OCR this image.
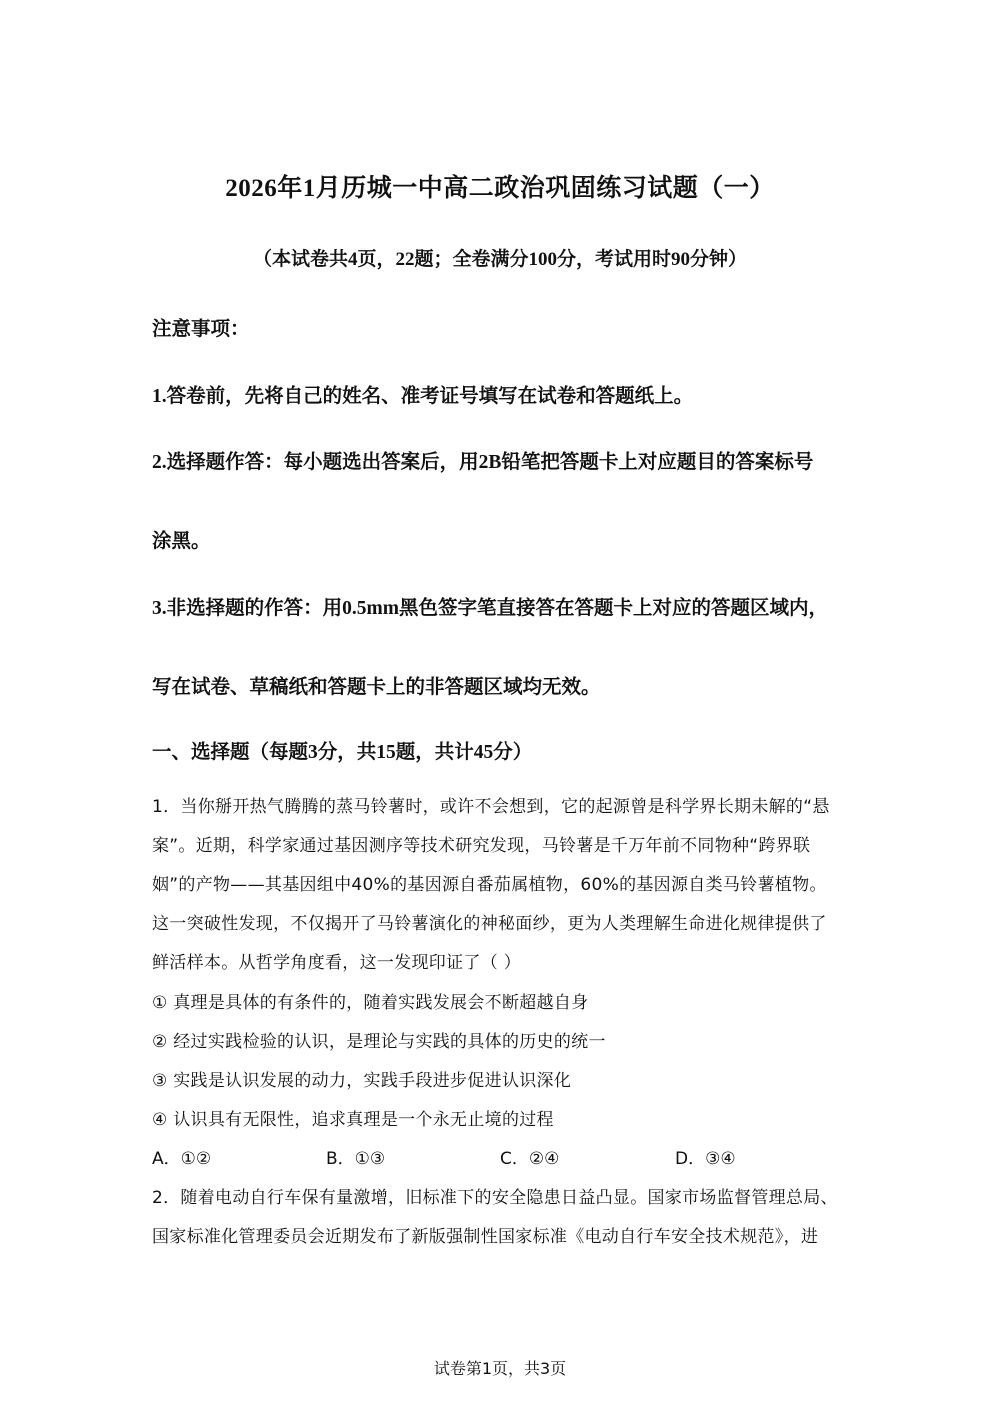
2026年1月历城一中高二政治巩固练习试题（一）
（本试卷共4页，22题；全卷满分100分，考试用时90分钟）
注意事项：
1.答卷前，先将自己的姓名、准考证号填写在试卷和答题纸上。
2.选择题作答：每小题选出答案后，用2B铅笔把答题卡上对应题目的答案标号
涂黑。
3.非选择题的作答：用0.5mm黑色签字笔直接答在答题卡上对应的答题区域内，
写在试卷、草稿纸和答题卡上的非答题区域均无效。
一、选择题（每题3分，共15题，共计45分）
1．当你掰开热气腾腾的蒸马铃薯时，或许不会想到，它的起源曾是科学界长期未解的“悬
案”。近期，科学家通过基因测序等技术研究发现，马铃薯是千万年前不同物种“跨界联
姻”的产物——其基因组中40%的基因源自番茄属植物，60%的基因源自类马铃薯植物。
这一突破性发现，不仅揭开了马铃薯演化的神秘面纱，更为人类理解生命进化规律提供了
鲜活样本。从哲学角度看，这一发现印证了（ ）
① 真理是具体的有条件的，随着实践发展会不断超越自身
② 经过实践检验的认识，是理论与实践的具体的历史的统一
③ 实践是认识发展的动力，实践手段进步促进认识深化
④ 认识具有无限性，追求真理是一个永无止境的过程
A．①②	B．①③	C．②④	D．③④
2．随着电动自行车保有量激增，旧标准下的安全隐患日益凸显。国家市场监督管理总局、
国家标准化管理委员会近期发布了新版强制性国家标准《电动自行车安全技术规范》，进
试卷第1页，共3页
